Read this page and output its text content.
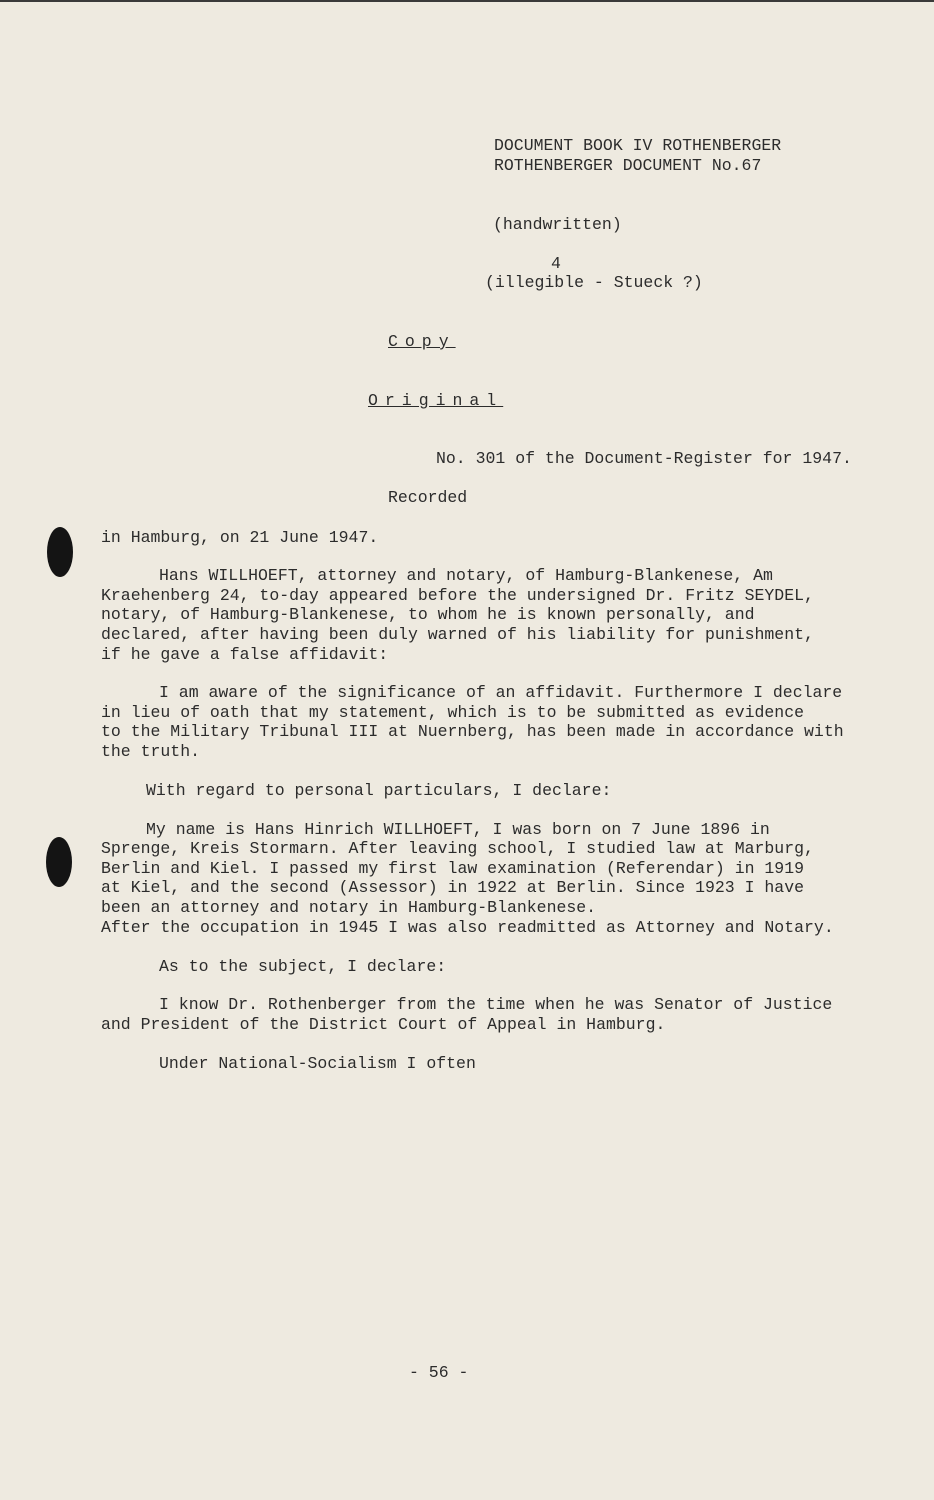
DOCUMENT BOOK IV ROTHENBERGER
ROTHENBERGER DOCUMENT No.67
(handwritten)
4
(illegible - Stueck ?)
Copy
Original
No. 301 of the Document-Register for 1947.
Recorded
in Hamburg, on 21 June 1947.
Hans WILLHOEFT, attorney and notary, of Hamburg-Blankenese, Am
Kraehenberg 24, to-day appeared before the undersigned Dr. Fritz SEYDEL,
notary, of Hamburg-Blankenese, to whom he is known personally, and
declared, after having been duly warned of his liability for punishment,
if he gave a false affidavit:
I am aware of the significance of an affidavit. Furthermore I declare
in lieu of oath that my statement, which is to be submitted as evidence
to the Military Tribunal III at Nuernberg, has been made in accordance with
the truth.
With regard to personal particulars, I declare:
My name is Hans Hinrich WILLHOEFT, I was born on 7 June 1896 in
Sprenge, Kreis Stormarn. After leaving school, I studied law at Marburg,
Berlin and Kiel. I passed my first law examination (Referendar) in 1919
at Kiel, and the second (Assessor) in 1922 at Berlin. Since 1923 I have
been an attorney and notary in Hamburg-Blankenese.
After the occupation in 1945 I was also readmitted as Attorney and Notary.
As to the subject, I declare:
I know Dr. Rothenberger from the time when he was Senator of Justice
and President of the District Court of Appeal in Hamburg.
Under National-Socialism I often
- 56 -
